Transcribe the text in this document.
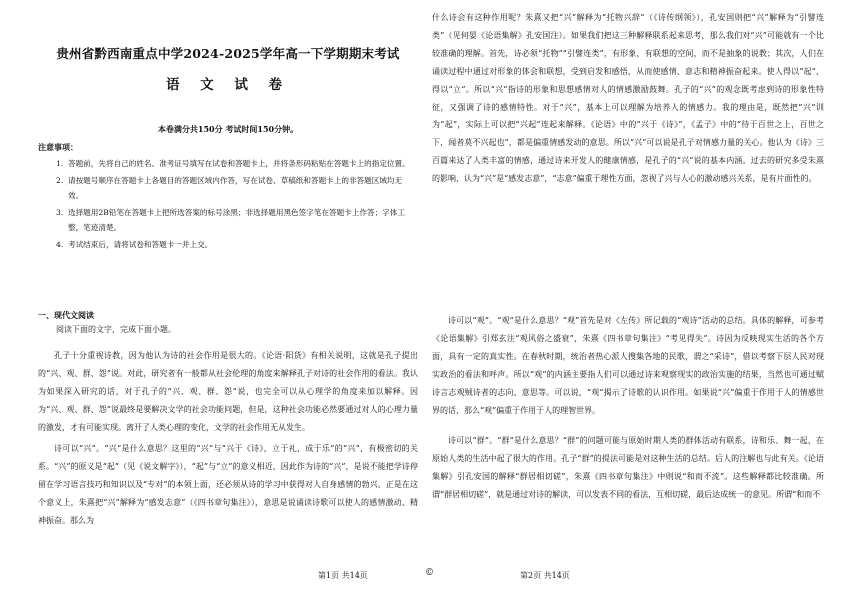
贵州省黔西南重点中学2024-2025学年高一下学期期末考试
语 文 试 卷
本卷满分共150分 考试时间150分钟。
注意事项：
1. 答题前，先将自己的姓名、准考证号填写在试卷和答题卡上，并将条形码粘贴在答题卡上的指定位置。
2. 请按题号顺序在答题卡上各题目的答题区域内作答，写在试卷、草稿纸和答题卡上的非答题区域均无效。
3. 选择题用2B铅笔在答题卡上把所选答案的标号涂黑；非选择题用黑色签字笔在答题卡上作答；字体工整，笔迹清楚。
4. 考试结束后，请将试卷和答题卡一并上交。
一、现代文阅读
阅读下面的文字，完成下面小题。

孔子十分重视诗教，因为他认为诗的社会作用是很大的。《论语·阳货》有相关说明，这就是孔子提出的“兴、观、群、怨”说。对此，研究者有一般都从社会伦理的角度来解释孔子对诗的社会作用的看法。我认为如果深入研究的话，对于孔子的“兴、观、群、怨”说，也完全可以从心理学的角度来加以解释。因为“兴、观、群、怨”说最终是要解决文学的社会功能问题，但是，这种社会功能必然要通过对人的心理力量的激发，才有可能实现。离开了人类心理的变化，文学的社会作用无从发生。

诗可以“兴”。“兴”是什么意思？这里的“兴”与“兴于《诗》，立于礼，成于乐”的“兴”，有极密切的关系。“兴”的原义是“起”（见《说文解字》），“起”与“立”的意义相近，因此作为诗的“兴”，是说不能把学诗停留在学习语言技巧和知识以及“专对”的本领上面，还必须从诗的学习中获得对人自身感情的勃兴。正是在这个意义上，朱熹把“兴”解释为“感发志意”（《四书章句集注》），意思是说诵读诗歌可以使人的感情激动、精神振奋。那么为

什么诗会有这种作用呢？朱熹又把“兴”解释为“托物兴辞”（《诗传纲领》），孔安国则把“兴”解释为“引譬连类”（见何晏《论语集解》孔安国注）。如果我们把这三种解释联系起来思考，那么我们对“兴”可能就有一个比较准确的理解。首先，诗必须“托物”“引譬连类”，有形象，有联想的空间，而不是抽象的说教；其次，人们在诵读过程中通过对形象的体会和联想，受到启发和感悟，从而使感情、意志和精神振奋起来。使人得以“起”，得以“立”。所以“兴”指诗的形象和思想感情对人的情感激励鼓舞。孔子的“兴”的观念既考虑到诗的形象性特征，又强调了诗的感情特性。对于“兴”，基本上可以理解为培养人的情感力。我的理由是，既然把“兴”训为“起”，实际上可以把“兴起”连起来解释。《论语》中的“兴于《诗》”，《孟子》中的“待于百世之上，百世之下，闻者莫不兴起也”，都是偏重情感发动的意思。所以“兴”可以说是孔子对情感力量的关心。他认为《诗》三百篇来达了人类丰富的情感，通过诗来开发人的健康情感，是孔子的“兴”说的基本内涵。过去的研究多受朱熹的影响，认为“兴”是“感发志意”，“志意”偏重于理性方面，忽视了兴与人心的激动感兴关系，是有片面性的。

诗可以“观”。“观”是什么意思？“观”首先是对《左传》所记载的“观诗”活动的总结。具体的解释，可参考《论语集解》引郑玄注“观风俗之盛衰”，朱熹《四书章句集注》“考见得失”。诗因为反映现实生活的各个方面，具有一定的真实性。在春秋时期，统治者热心派人搜集各地的民歌，谓之“采诗”，借以考察下层人民对现实政治的看法和呼声。所以“观”的内涵主要指人们可以通过诗来观察现实的政治实施的结果，当然也可通过赋诗言志观贼诗者的志向、意思等。可以说，“观”揭示了诗歌的认识作用。如果说“兴”偏重于作用于人的情感世界的话，那么“观”偏重于作用于人的理智世界。

诗可以“群”。“群”是什么意思？“群”的问题可能与原始时期人类的群体活动有联系，诗和乐、舞一起，在原始人类的生活中起了很大的作用。孔子“群”的提法可能是对这种生活的总结。后人的注解也与此有关。《论语集解》引孔安国的解释“群居相切磋”，朱熹《四书章句集注》中则说“和而不流”。这些解释都比较准确。所谓“群居相切磋”，就是通过对诗的解读，可以发表不同的看法，互相切磋，最后达成统一的意见。所谓“和而不

第1页 共14页	©	第2页 共14页
